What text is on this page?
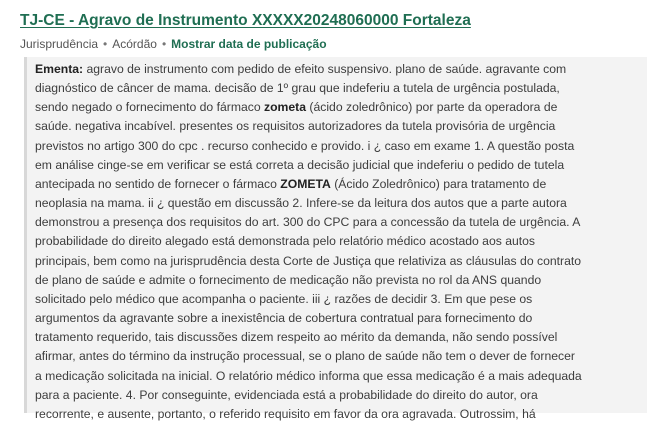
TJ-CE - Agravo de Instrumento XXXXX20248060000 Fortaleza
Jurisprudência • Acórdão • Mostrar data de publicação

Ementa: agravo de instrumento com pedido de efeito suspensivo. plano de saúde. agravante com diagnóstico de câncer de mama. decisão de 1º grau que indeferiu a tutela de urgência postulada, sendo negado o fornecimento do fármaco zometa (ácido zoledrônico) por parte da operadora de saúde. negativa incabível. presentes os requisitos autorizadores da tutela provisória de urgência previstos no artigo 300 do cpc . recurso conhecido e provido. i ¿ caso em exame 1. A questão posta em análise cinge-se em verificar se está correta a decisão judicial que indeferiu o pedido de tutela antecipada no sentido de fornecer o fármaco ZOMETA (Ácido Zoledrônico) para tratamento de neoplasia na mama. ii ¿ questão em discussão 2. Infere-se da leitura dos autos que a parte autora demonstrou a presença dos requisitos do art. 300 do CPC para a concessão da tutela de urgência. A probabilidade do direito alegado está demonstrada pelo relatório médico acostado aos autos principais, bem como na jurisprudência desta Corte de Justiça que relativiza as cláusulas do contrato de plano de saúde e admite o fornecimento de medicação não prevista no rol da ANS quando solicitado pelo médico que acompanha o paciente. iii ¿ razões de decidir 3. Em que pese os argumentos da agravante sobre a inexistência de cobertura contratual para fornecimento do tratamento requerido, tais discussões dizem respeito ao mérito da demanda, não sendo possível afirmar, antes do término da instrução processual, se o plano de saúde não tem o dever de fornecer a medicação solicitada na inicial. O relatório médico informa que essa medicação é a mais adequada para a paciente. 4. Por conseguinte, evidenciada está a probabilidade do direito do autor, ora recorrente, e ausente, portanto, o referido requisito em favor da ora agravada. Outrossim, há
